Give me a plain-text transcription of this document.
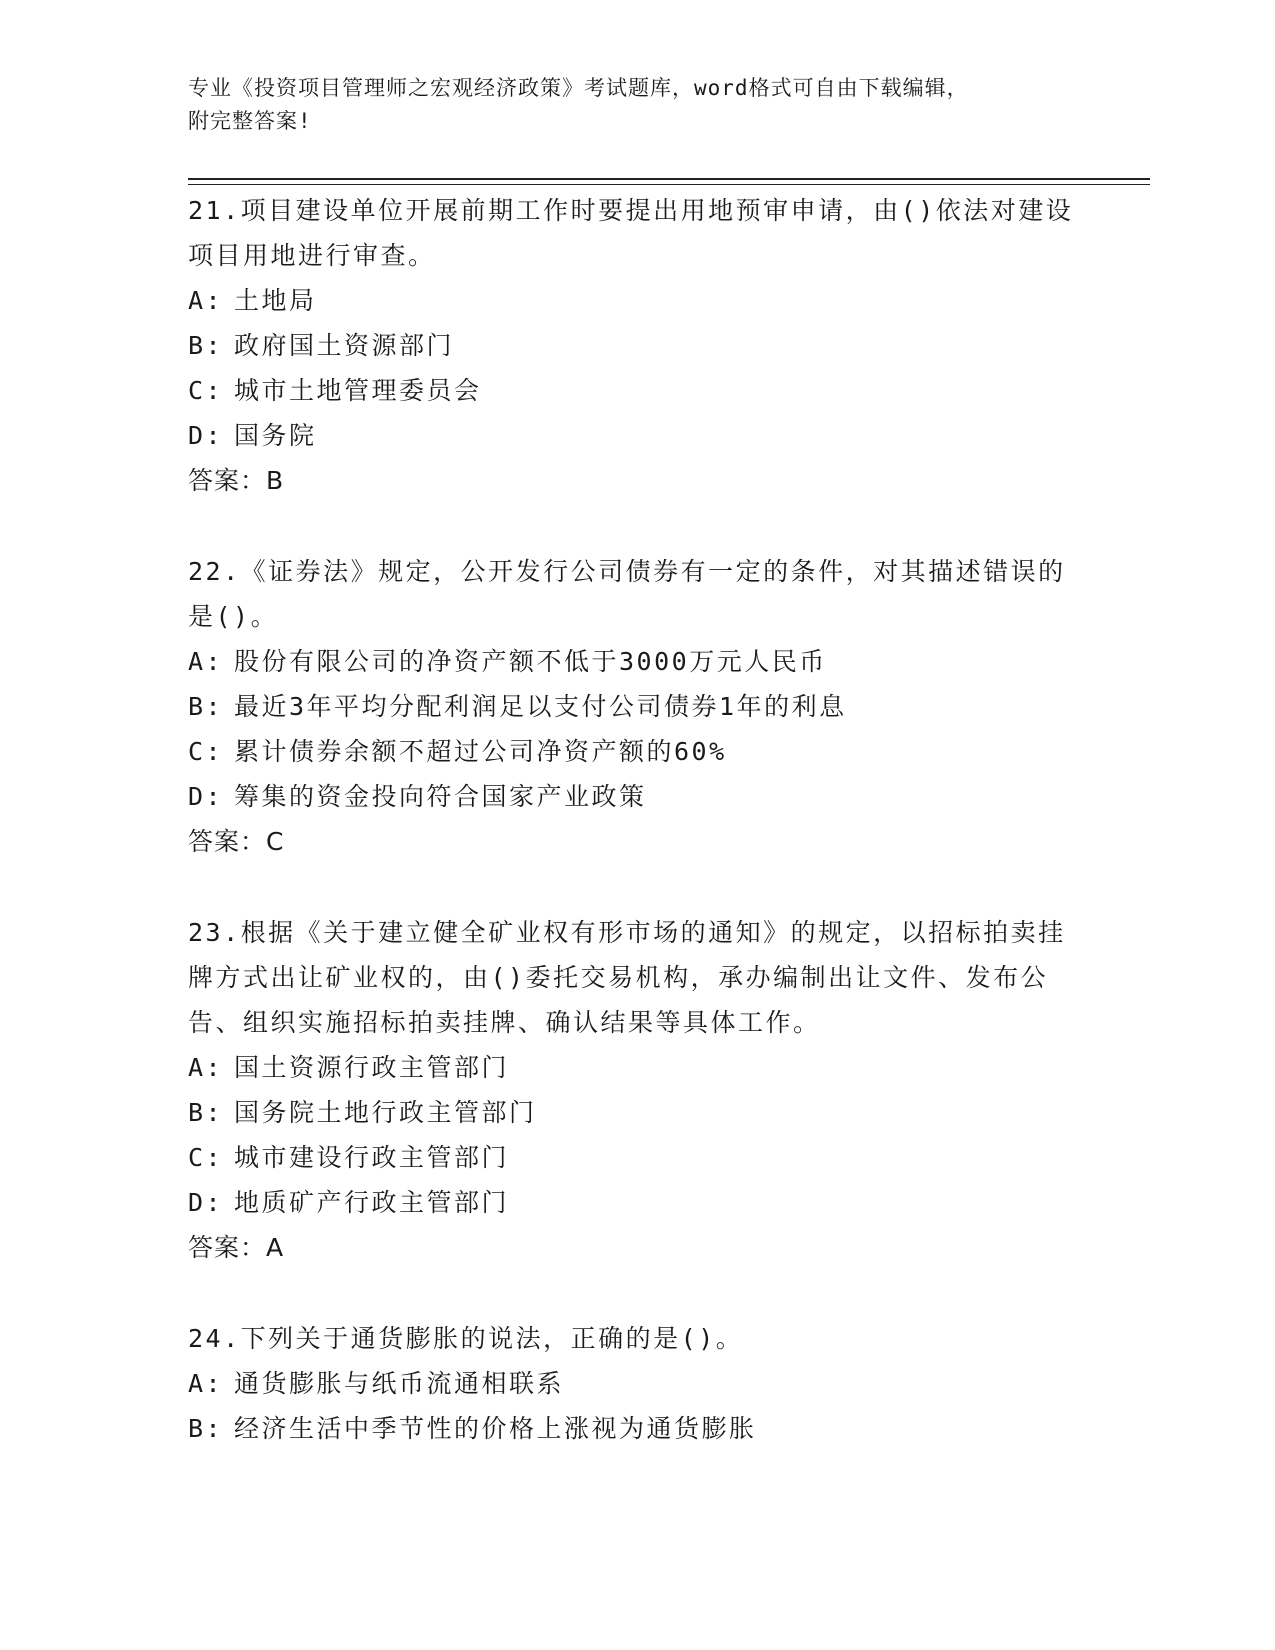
专业《投资项目管理师之宏观经济政策》考试题库，word格式可自由下载编辑，
附完整答案!
21.项目建设单位开展前期工作时要提出用地预审申请，由()依法对建设项目用地进行审查。
A: 土地局
B: 政府国土资源部门
C: 城市土地管理委员会
D: 国务院
答案：B
22.《证券法》规定，公开发行公司债券有一定的条件，对其描述错误的是()。
A: 股份有限公司的净资产额不低于3000万元人民币
B: 最近3年平均分配利润足以支付公司债券1年的利息
C: 累计债券余额不超过公司净资产额的60%
D: 筹集的资金投向符合国家产业政策
答案：C
23.根据《关于建立健全矿业权有形市场的通知》的规定，以招标拍卖挂牌方式出让矿业权的，由()委托交易机构，承办编制出让文件、发布公告、组织实施招标拍卖挂牌、确认结果等具体工作。
A: 国土资源行政主管部门
B: 国务院土地行政主管部门
C: 城市建设行政主管部门
D: 地质矿产行政主管部门
答案：A
24.下列关于通货膨胀的说法，正确的是()。
A: 通货膨胀与纸币流通相联系
B: 经济生活中季节性的价格上涨视为通货膨胀
